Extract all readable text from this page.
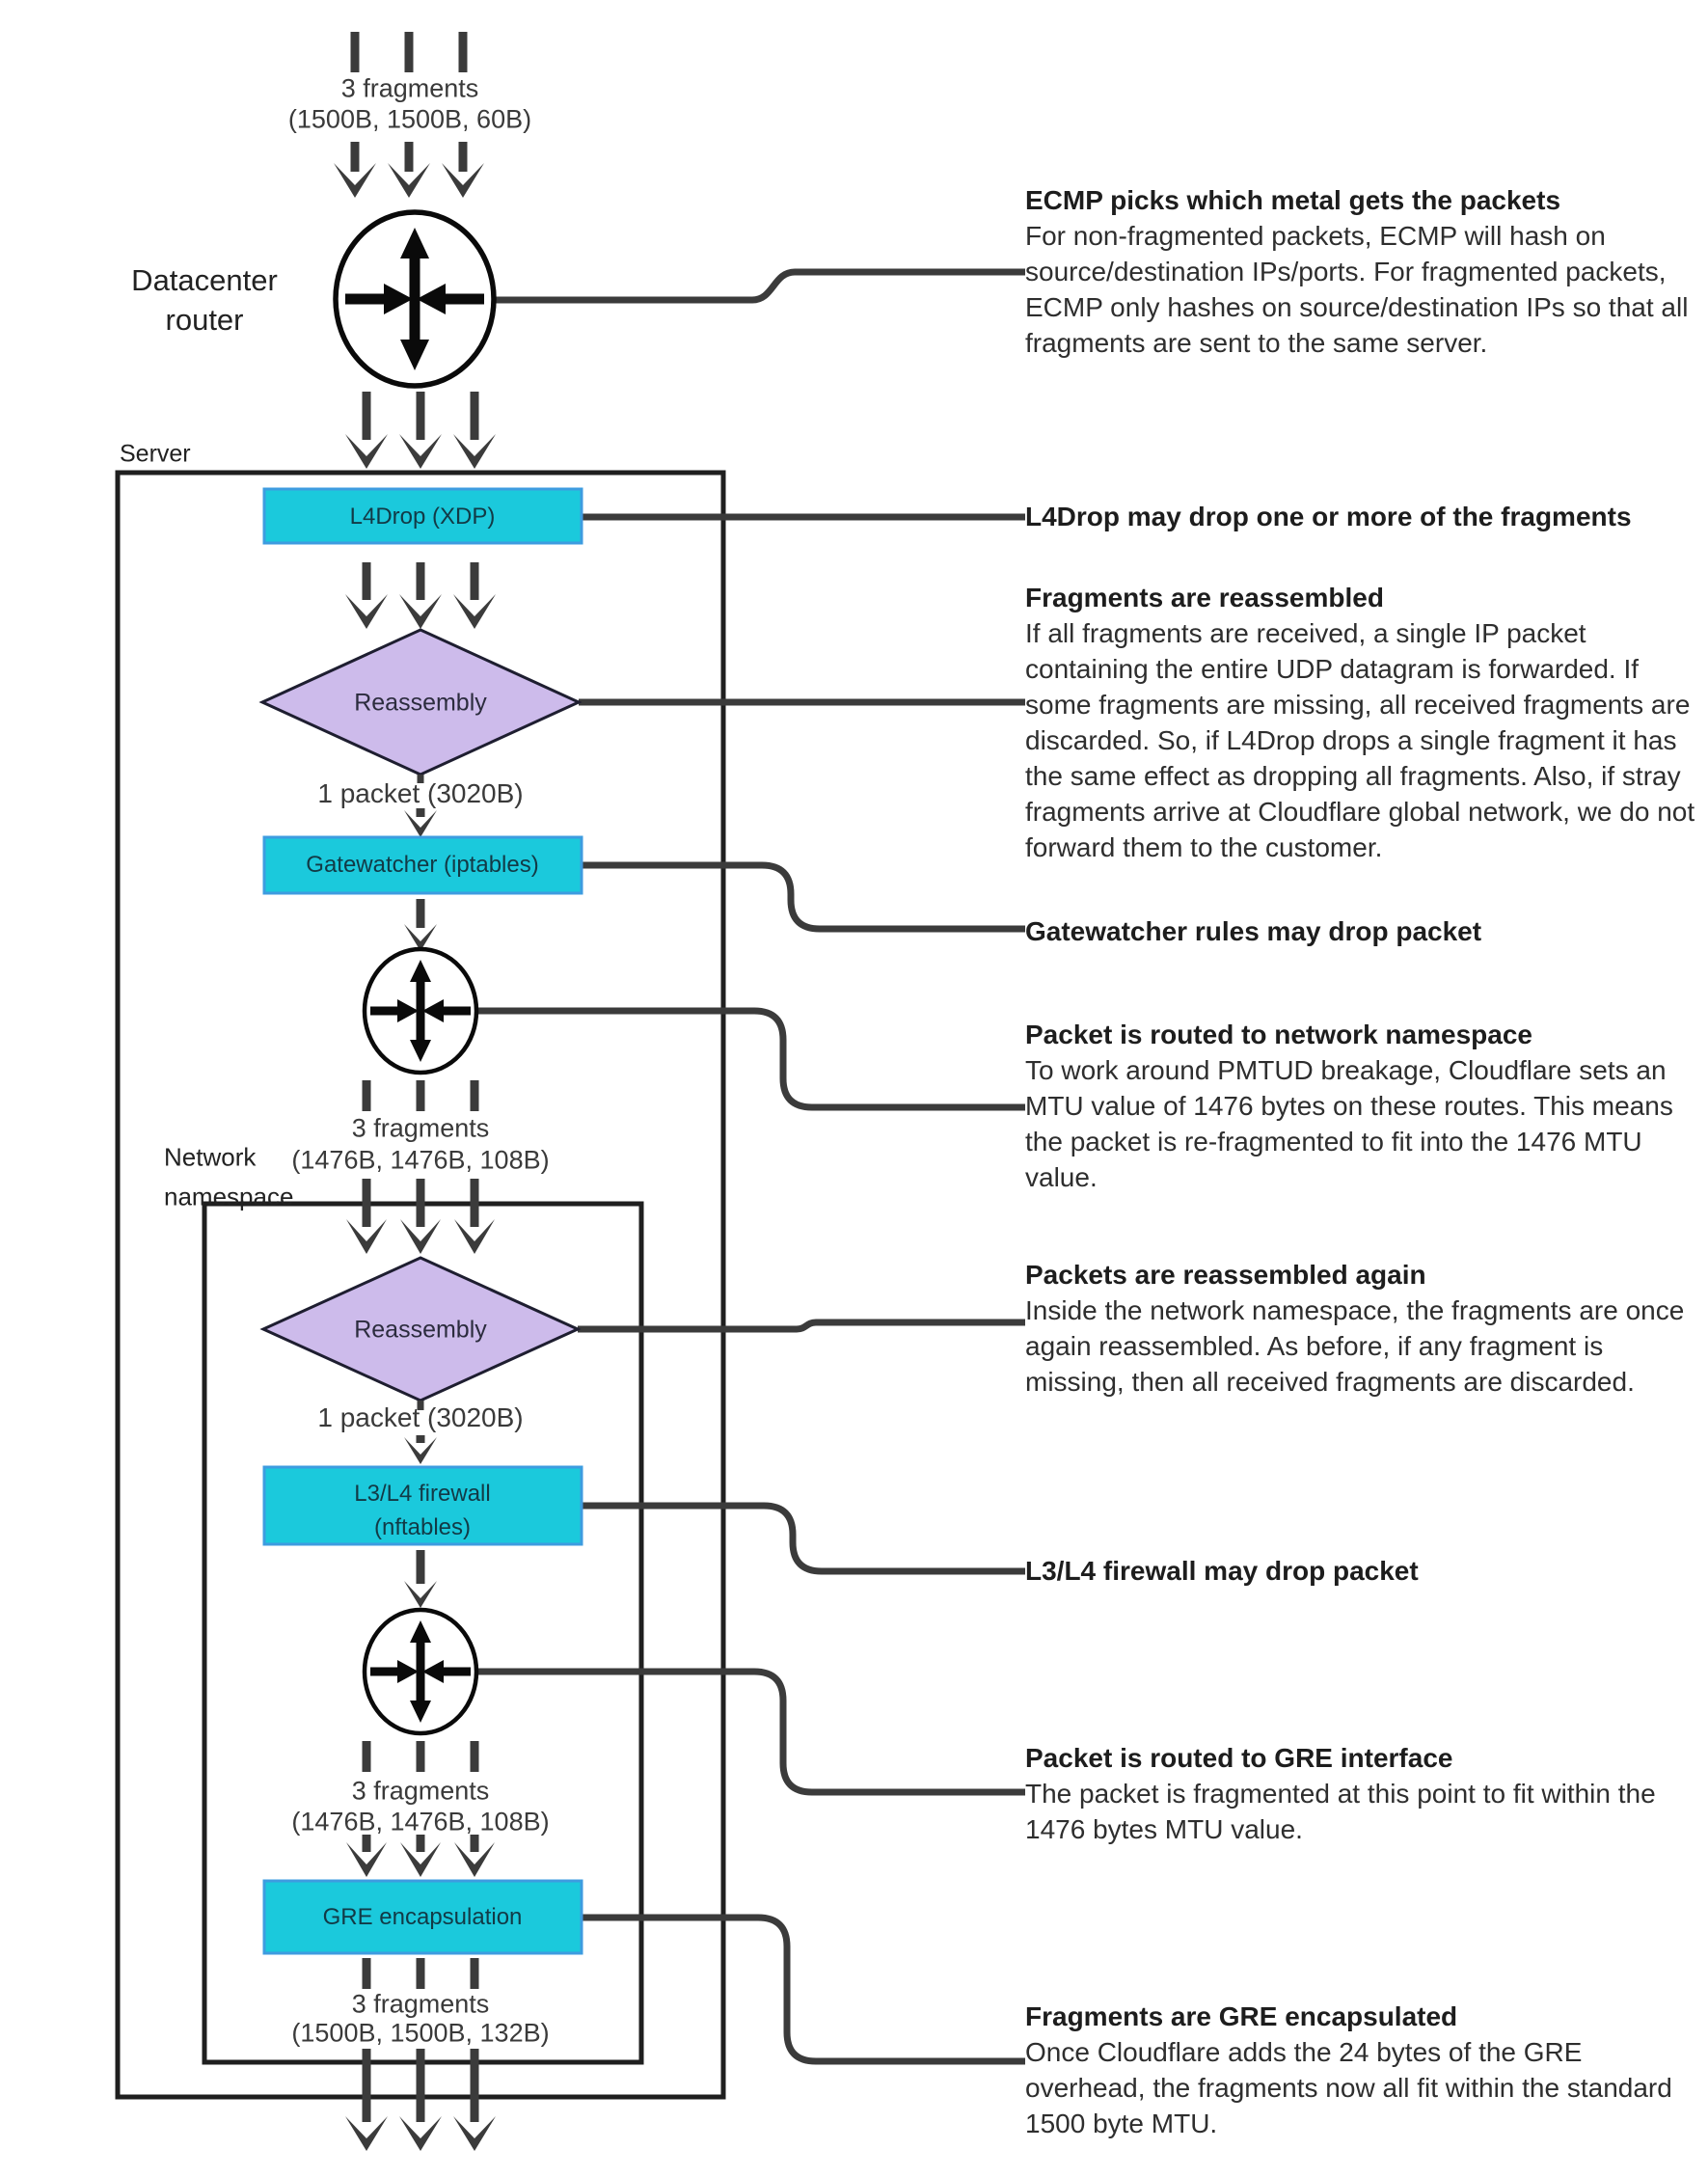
3 fragments
(1500B, 1500B, 60B)
Datacenter
router
Server
L4Drop (XDP)
Reassembly
1 packet (3020B)
Gatewatcher (iptables)
3 fragments
(1476B, 1476B, 108B)
Network
namespace
Reassembly
1 packet (3020B)
L3/L4 firewall
(nftables)
3 fragments
(1476B, 1476B, 108B)
GRE encapsulation
3 fragments
(1500B, 1500B, 132B)
ECMP picks which metal gets the packets
For non-fragmented packets, ECMP will hash on source/destination IPs/ports. For fragmented packets, ECMP only hashes on source/destination IPs so that all fragments are sent to the same server.
L4Drop may drop one or more of the fragments
Fragments are reassembled
If all fragments are received, a single IP packet containing the entire UDP datagram is forwarded. If some fragments are missing, all received fragments are discarded. So, if L4Drop drops a single fragment it has the same effect as dropping all fragments. Also, if stray fragments arrive at Cloudflare global network, we do not forward them to the customer.
Gatewatcher rules may drop packet
Packet is routed to network namespace
To work around PMTUD breakage, Cloudflare sets an MTU value of 1476 bytes on these routes. This means the packet is re-fragmented to fit into the 1476 MTU value.
Packets are reassembled again
Inside the network namespace, the fragments are once again reassembled. As before, if any fragment is missing, then all received fragments are discarded.
L3/L4 firewall may drop packet
Packet is routed to GRE interface
The packet is fragmented at this point to fit within the 1476 bytes MTU value.
Fragments are GRE encapsulated
Once Cloudflare adds the 24 bytes of the GRE overhead, the fragments now all fit within the standard 1500 byte MTU.
